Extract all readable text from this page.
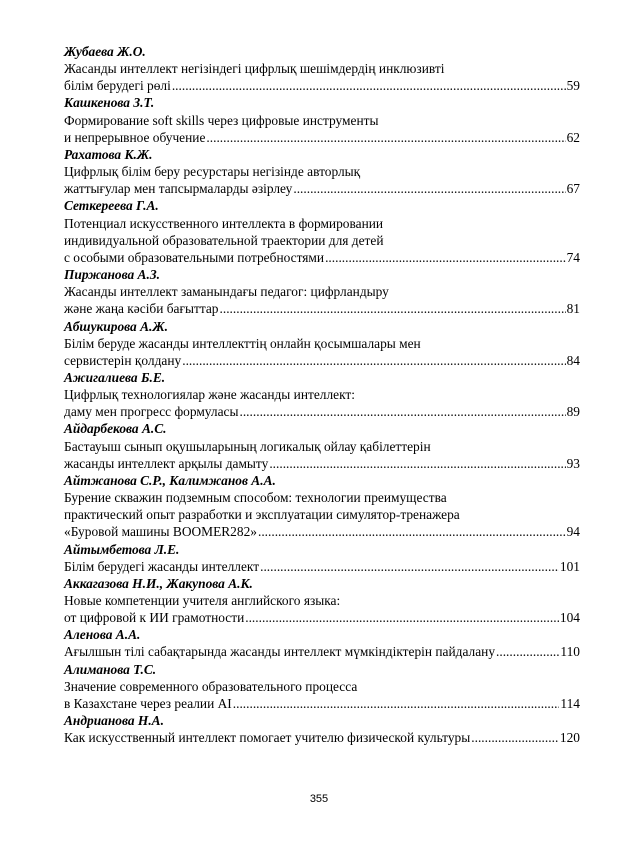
Жубаева Ж.О.
Жасанды интеллект негізіндегі цифрлық шешімдердің инклюзивті
білім берудегі рөлі .....	59
Кашкенова З.Т.
Формирование soft skills через цифровые инструменты
и непрерывное обучение .....	62
Рахатова К.Ж.
Цифрлық білім беру ресурстары негізінде авторлық
жаттығулар мен тапсырмаларды әзірлеу .....	67
Сеткереева Г.А.
Потенциал искусственного интеллекта в формировании
индивидуальной образовательной траектории для детей
с особыми образовательными потребностями .....	74
Пиржанова А.З.
Жасанды интеллект заманындағы педагог: цифрландыру
және жаңа кәсіби бағыттар .....	81
Абшукирова А.Ж.
Білім беруде жасанды интеллекттің онлайн қосымшалары мен
сервистерін қолдану .....	84
Ажигалиева Б.Е.
Цифрлық технологиялар және жасанды интеллект:
даму мен прогресс формуласы .....	89
Айдарбекова А.С.
Бастауыш сынып оқушыларының логикалық ойлау қабілеттерін
жасанды интеллект арқылы дамыту .....	93
Айтжанова С.Р., Калимжанов А.А.
Бурение скважин подземным способом: технологии преимущества
практический опыт разработки и эксплуатации симулятор-тренажера
«Буровой машины BOOMER282» .....	94
Айтымбетова Л.Е.
Білім берудегі жасанды интеллект .....	101
Аккагазова Н.И., Жакупова А.К.
Новые компетенции учителя английского языка:
от цифровой к ИИ грамотности .....	104
Аленова А.А.
Ағылшын тілі сабақтарында жасанды интеллект мүмкіндіктерін пайдалану .....	110
Алиманова Т.С.
Значение современного образовательного процесса
в Казахстане через реалии AI .....	114
Андрианова Н.А.
Как искусственный интеллект помогает учителю физической культуры .....	120
355
